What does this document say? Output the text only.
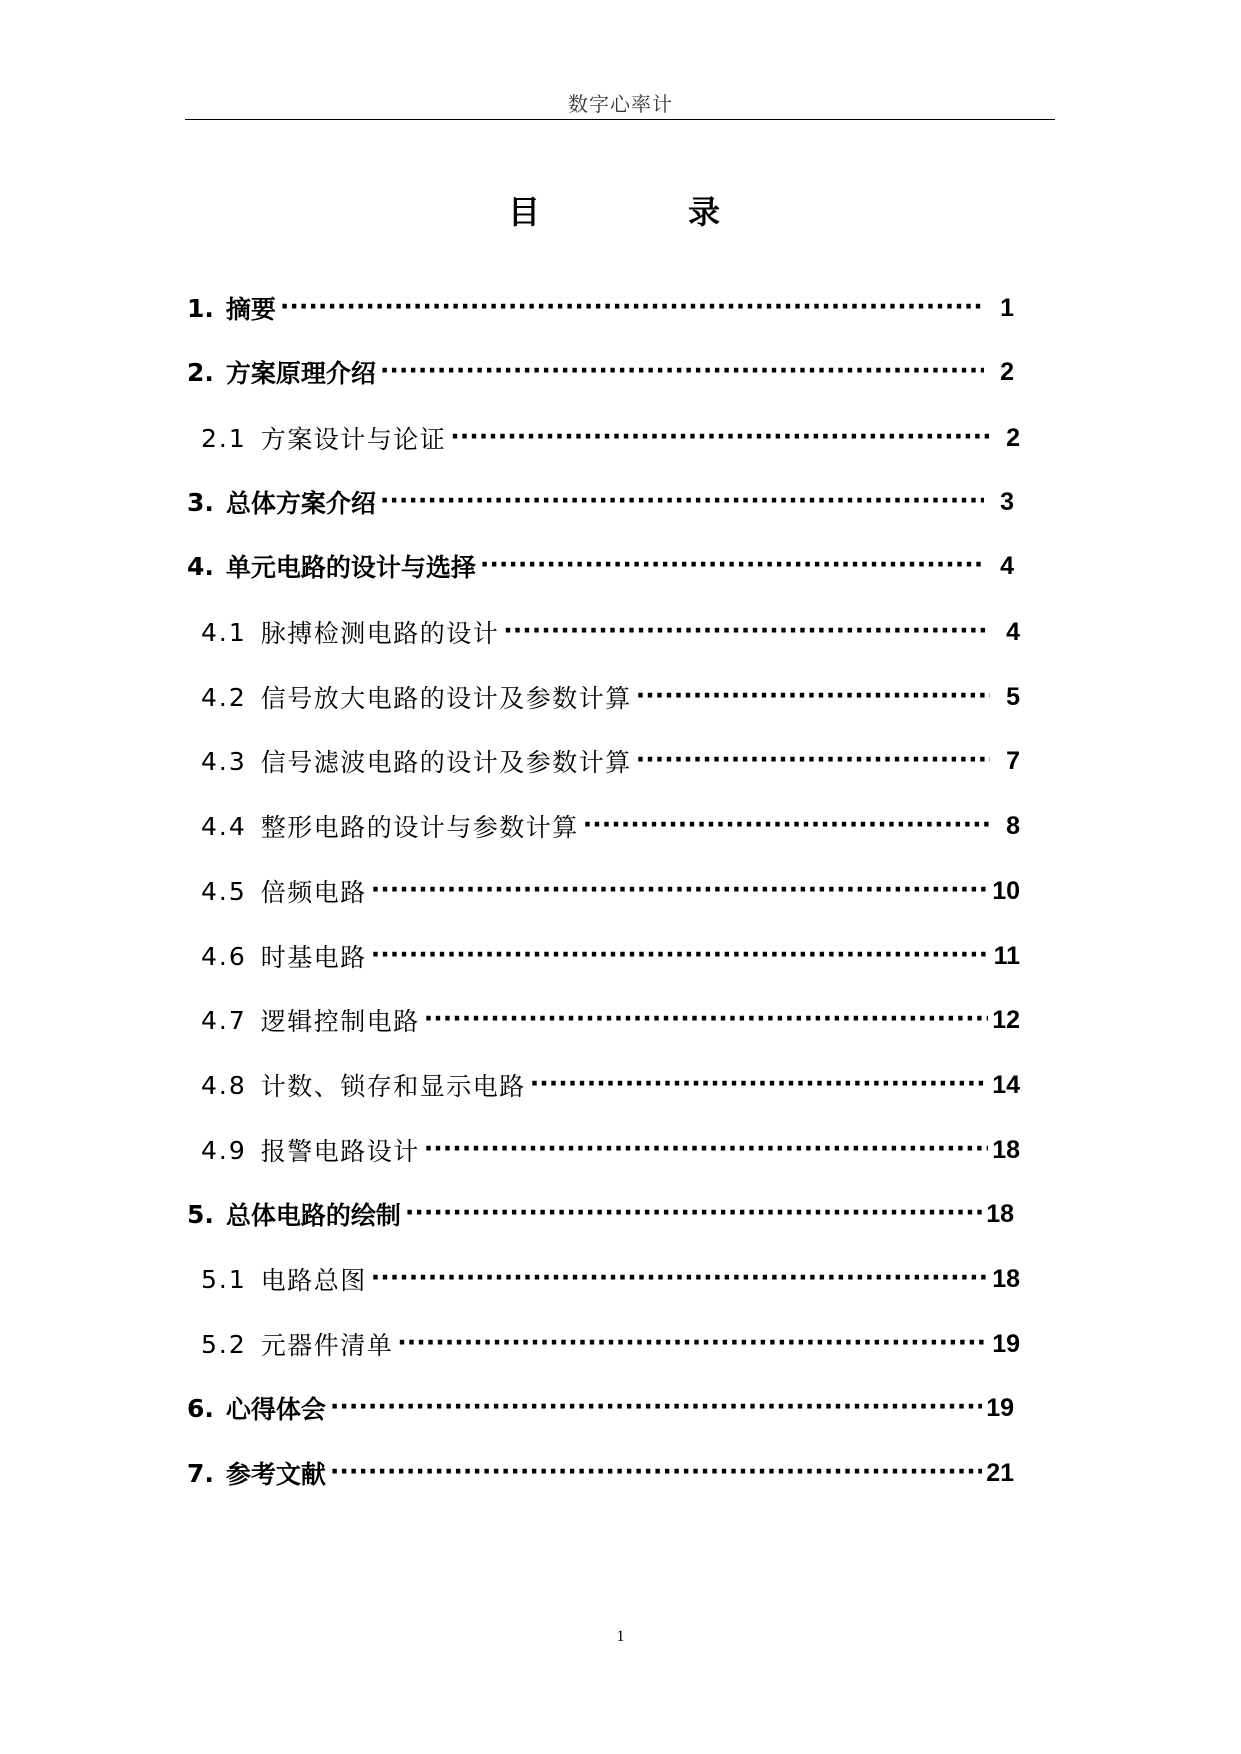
数字心率计
目	录
1. 摘要 ·····	1
2. 方案原理介绍 ·····	2
2.1 方案设计与论证 ·····	2
3. 总体方案介绍 ·····	3
4. 单元电路的设计与选择 ·····	4
4.1 脉搏检测电路的设计 ·····	4
4.2 信号放大电路的设计及参数计算 ·····	5
4.3 信号滤波电路的设计及参数计算 ·····	7
4.4 整形电路的设计与参数计算 ·····	8
4.5 倍频电路 ·····	10
4.6 时基电路 ·····	11
4.7 逻辑控制电路 ·····	12
4.8 计数、锁存和显示电路 ·····	14
4.9 报警电路设计 ·····	18
5. 总体电路的绘制 ·····	18
5.1 电路总图 ·····	18
5.2 元器件清单 ·····	19
6. 心得体会 ·····	19
7. 参考文献 ·····	21
1
